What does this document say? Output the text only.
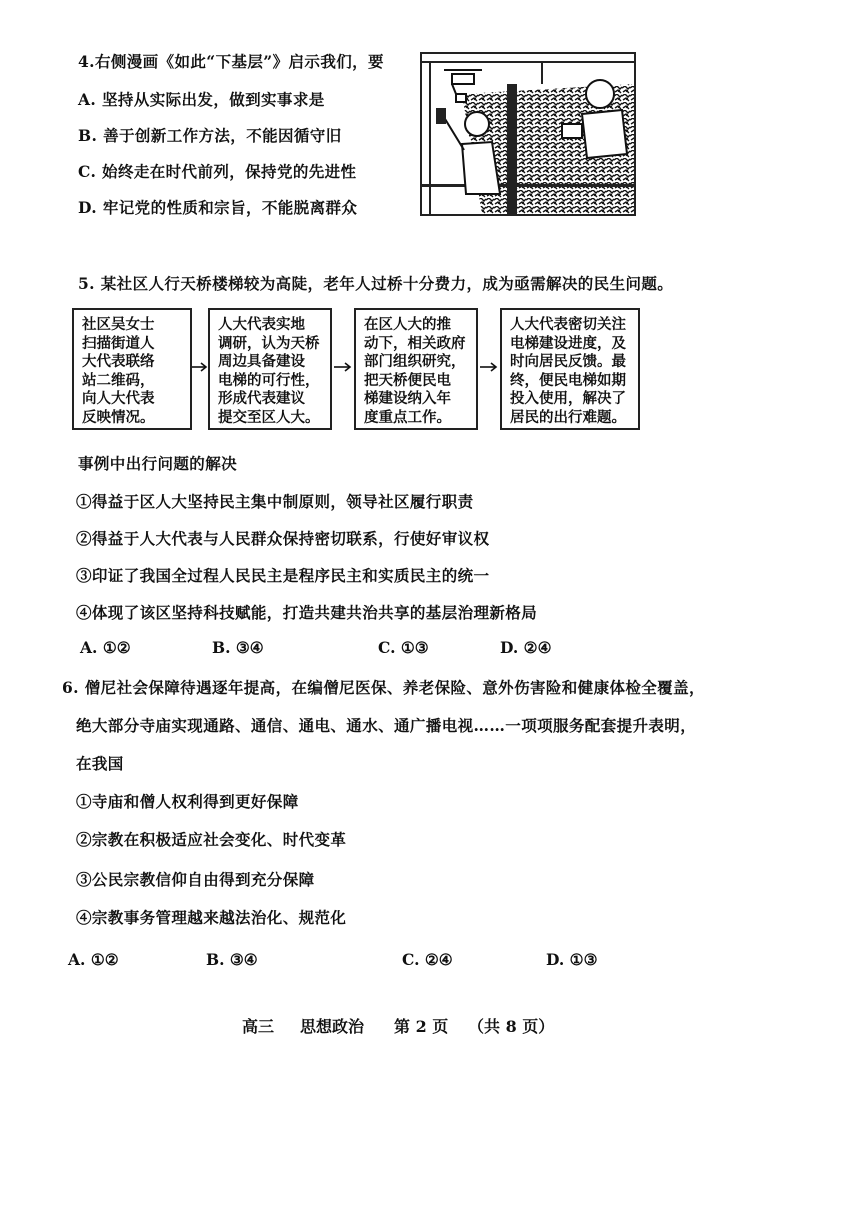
4.右侧漫画《如此“下基层”》启示我们，要
A. 坚持从实际出发，做到实事求是
B. 善于创新工作方法，不能因循守旧
C. 始终走在时代前列，保持党的先进性
D. 牢记党的性质和宗旨，不能脱离群众
5. 某社区人行天桥楼梯较为高陡，老年人过桥十分费力，成为亟需解决的民生问题。
社区吴女士
扫描街道人
大代表联络
站二维码，
向人大代表
反映情况。
人大代表实地
调研，认为天桥
周边具备建设
电梯的可行性，
形成代表建议
提交至区人大。
在区人大的推
动下，相关政府
部门组织研究，
把天桥便民电
梯建设纳入年
度重点工作。
人大代表密切关注
电梯建设进度，及
时向居民反馈。最
终，便民电梯如期
投入使用，解决了
居民的出行难题。
事例中出行问题的解决
①得益于区人大坚持民主集中制原则，领导社区履行职责
②得益于人大代表与人民群众保持密切联系，行使好审议权
③印证了我国全过程人民民主是程序民主和实质民主的统一
④体现了该区坚持科技赋能，打造共建共治共享的基层治理新格局
A. ①②	B. ③④	C. ①③	D. ②④
6. 僧尼社会保障待遇逐年提高，在编僧尼医保、养老保险、意外伤害险和健康体检全覆盖，
绝大部分寺庙实现通路、通信、通电、通水、通广播电视……一项项服务配套提升表明，
在我国
①寺庙和僧人权利得到更好保障
②宗教在积极适应社会变化、时代变革
③公民宗教信仰自由得到充分保障
④宗教事务管理越来越法治化、规范化
A. ①②	B. ③④	C. ②④	D. ①③
高三 思想政治 第 2 页 （共 8 页）
